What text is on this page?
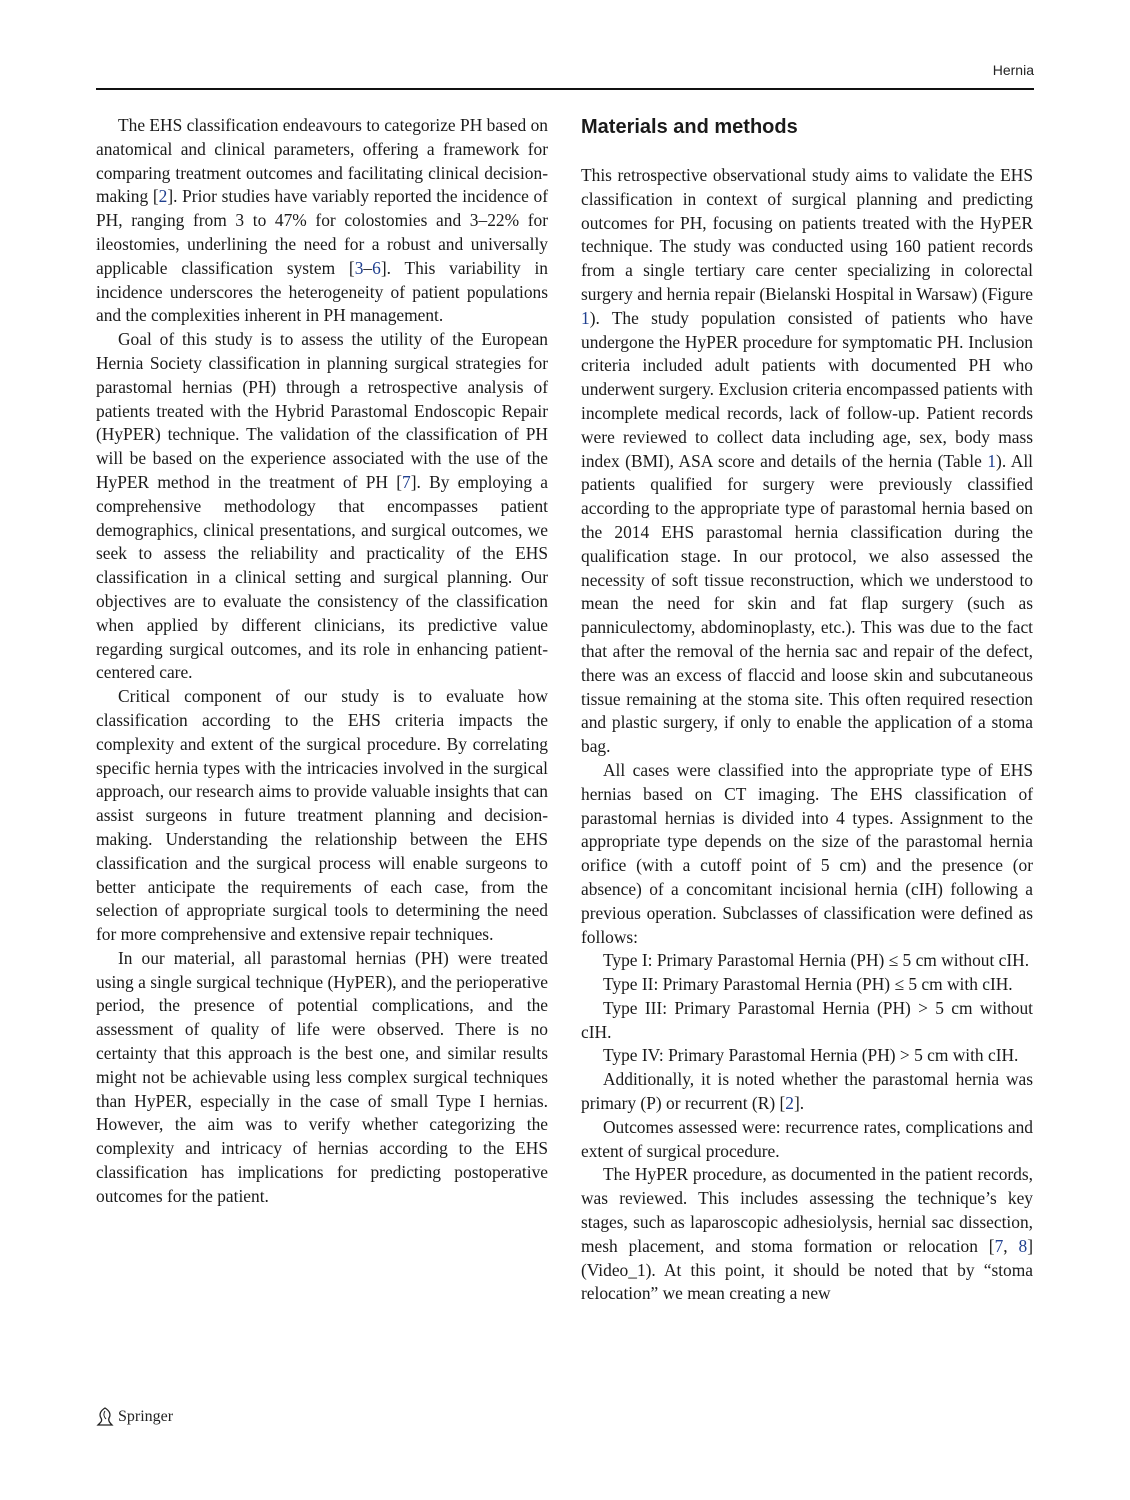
Hernia

The EHS classification endeavours to categorize PH based on anatomical and clinical parameters, offering a framework for comparing treatment outcomes and facilitating clinical decision-making [2]. Prior studies have variably reported the incidence of PH, ranging from 3 to 47% for colostomies and 3–22% for ileostomies, underlining the need for a robust and universally applicable classification system [3–6]. This variability in incidence underscores the heterogeneity of patient populations and the complexities inherent in PH management.

Goal of this study is to assess the utility of the European Hernia Society classification in planning surgical strategies for parastomal hernias (PH) through a retrospective analysis of patients treated with the Hybrid Parastomal Endoscopic Repair (HyPER) technique. The validation of the classification of PH will be based on the experience associated with the use of the HyPER method in the treatment of PH [7]. By employing a comprehensive methodology that encompasses patient demographics, clinical presentations, and surgical outcomes, we seek to assess the reliability and practicality of the EHS classification in a clinical setting and surgical planning. Our objectives are to evaluate the consistency of the classification when applied by different clinicians, its predictive value regarding surgical outcomes, and its role in enhancing patient-centered care.

Critical component of our study is to evaluate how classification according to the EHS criteria impacts the complexity and extent of the surgical procedure. By correlating specific hernia types with the intricacies involved in the surgical approach, our research aims to provide valuable insights that can assist surgeons in future treatment planning and decision-making. Understanding the relationship between the EHS classification and the surgical process will enable surgeons to better anticipate the requirements of each case, from the selection of appropriate surgical tools to determining the need for more comprehensive and extensive repair techniques.

In our material, all parastomal hernias (PH) were treated using a single surgical technique (HyPER), and the perioperative period, the presence of potential complications, and the assessment of quality of life were observed. There is no certainty that this approach is the best one, and similar results might not be achievable using less complex surgical techniques than HyPER, especially in the case of small Type I hernias. However, the aim was to verify whether categorizing the complexity and intricacy of hernias according to the EHS classification has implications for predicting postoperative outcomes for the patient.

Materials and methods

This retrospective observational study aims to validate the EHS classification in context of surgical planning and predicting outcomes for PH, focusing on patients treated with the HyPER technique. The study was conducted using 160 patient records from a single tertiary care center specializing in colorectal surgery and hernia repair (Bielanski Hospital in Warsaw) (Figure 1). The study population consisted of patients who have undergone the HyPER procedure for symptomatic PH. Inclusion criteria included adult patients with documented PH who underwent surgery. Exclusion criteria encompassed patients with incomplete medical records, lack of follow-up. Patient records were reviewed to collect data including age, sex, body mass index (BMI), ASA score and details of the hernia (Table 1). All patients qualified for surgery were previously classified according to the appropriate type of parastomal hernia based on the 2014 EHS parastomal hernia classification during the qualification stage. In our protocol, we also assessed the necessity of soft tissue reconstruction, which we understood to mean the need for skin and fat flap surgery (such as panniculectomy, abdominoplasty, etc.). This was due to the fact that after the removal of the hernia sac and repair of the defect, there was an excess of flaccid and loose skin and subcutaneous tissue remaining at the stoma site. This often required resection and plastic surgery, if only to enable the application of a stoma bag.

All cases were classified into the appropriate type of EHS hernias based on CT imaging. The EHS classification of parastomal hernias is divided into 4 types. Assignment to the appropriate type depends on the size of the parastomal hernia orifice (with a cutoff point of 5 cm) and the presence (or absence) of a concomitant incisional hernia (cIH) following a previous operation. Subclasses of classification were defined as follows:

Type I: Primary Parastomal Hernia (PH) ≤ 5 cm without cIH.

Type II: Primary Parastomal Hernia (PH) ≤ 5 cm with cIH.

Type III: Primary Parastomal Hernia (PH) > 5 cm without cIH.

Type IV: Primary Parastomal Hernia (PH) > 5 cm with cIH.

Additionally, it is noted whether the parastomal hernia was primary (P) or recurrent (R) [2].

Outcomes assessed were: recurrence rates, complications and extent of surgical procedure.

The HyPER procedure, as documented in the patient records, was reviewed. This includes assessing the technique’s key stages, such as laparoscopic adhesiolysis, hernial sac dissection, mesh placement, and stoma formation or relocation [7, 8] (Video_1). At this point, it should be noted that by “stoma relocation” we mean creating a new

Springer
